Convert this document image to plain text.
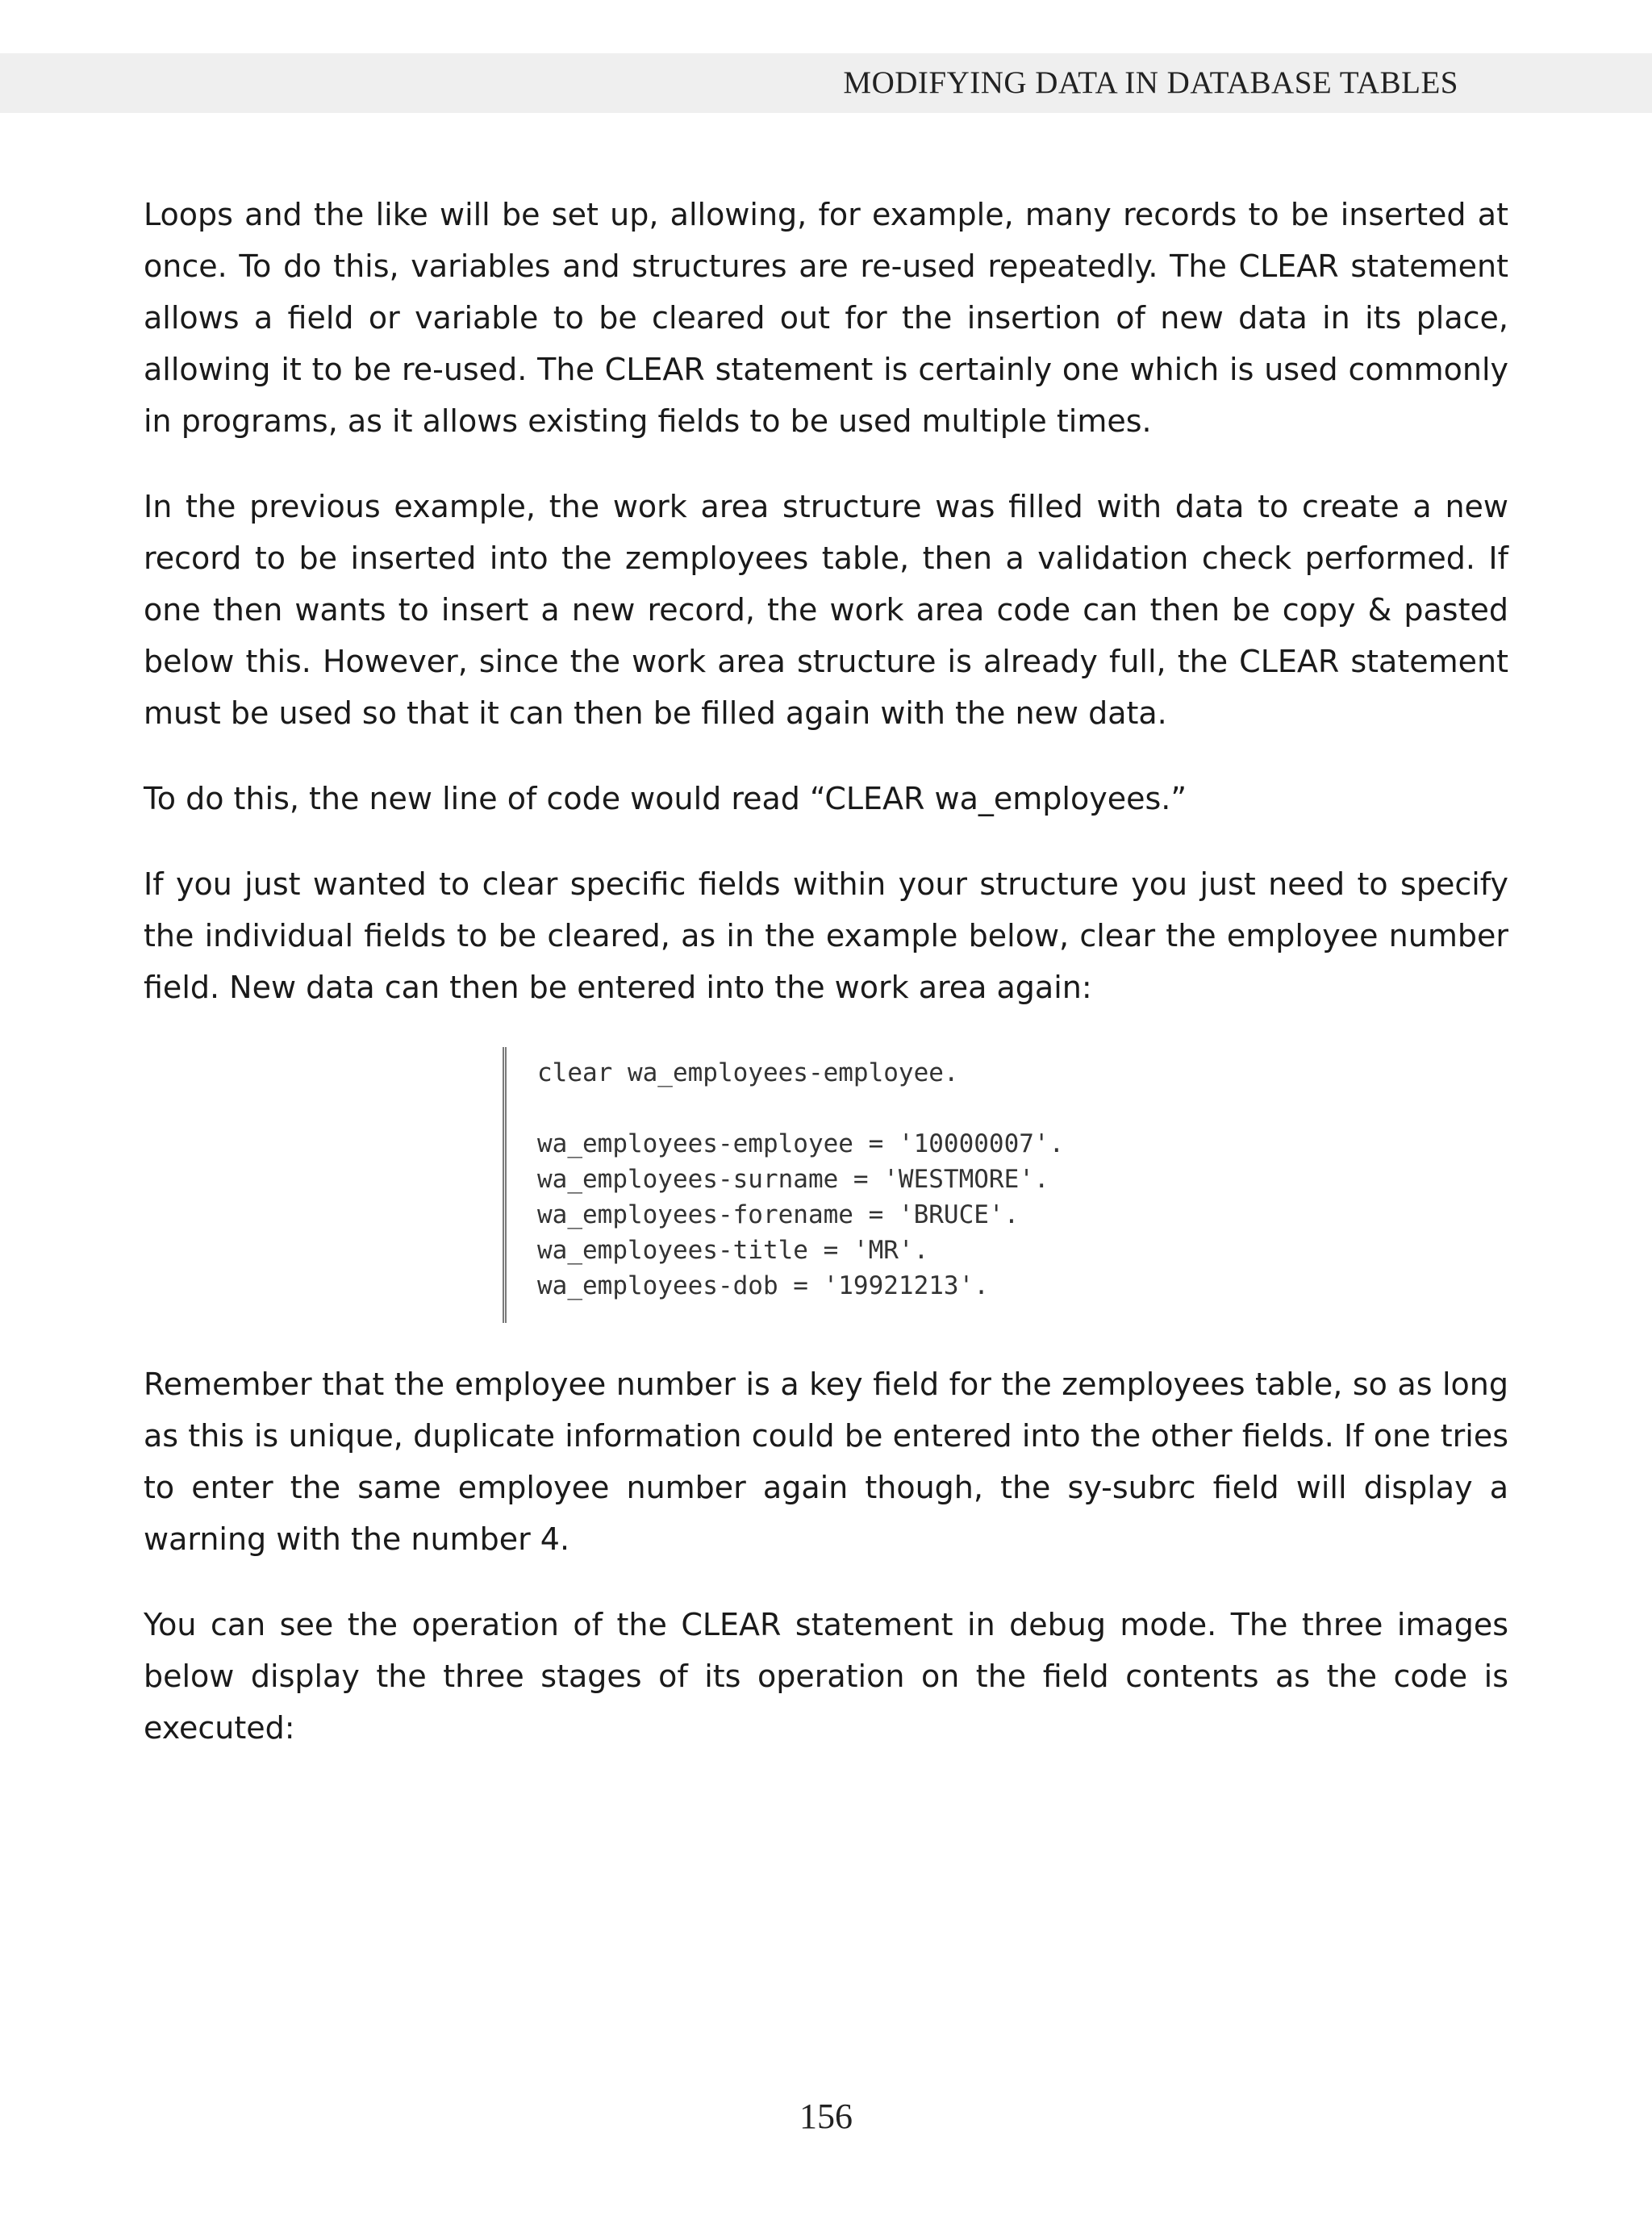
MODIFYING DATA IN DATABASE TABLES

Loops and the like will be set up, allowing, for example, many records to be inserted at once. To do this, variables and structures are re-used repeatedly. The CLEAR statement allows a field or variable to be cleared out for the insertion of new data in its place, allowing it to be re-used. The CLEAR statement is certainly one which is used commonly in programs, as it allows existing fields to be used multiple times.

In the previous example, the work area structure was filled with data to create a new record to be inserted into the zemployees table, then a validation check performed. If one then wants to insert a new record, the work area code can then be copy & pasted below this. However, since the work area structure is already full, the CLEAR statement must be used so that it can then be filled again with the new data.

To do this, the new line of code would read “CLEAR wa_employees.”

If you just wanted to clear specific fields within your structure you just need to specify the individual fields to be cleared, as in the example below, clear the employee number field. New data can then be entered into the work area again:

clear wa_employees-employee.
wa_employees-employee = '10000007'.
wa_employees-surname = 'WESTMORE'.
wa_employees-forename = 'BRUCE'.
wa_employees-title = 'MR'.
wa_employees-dob = '19921213'.

Remember that the employee number is a key field for the zemployees table, so as long as this is unique, duplicate information could be entered into the other fields. If one tries to enter the same employee number again though, the sy-subrc field will display a warning with the number 4.

You can see the operation of the CLEAR statement in debug mode. The three images below display the three stages of its operation on the field contents as the code is executed:

156
